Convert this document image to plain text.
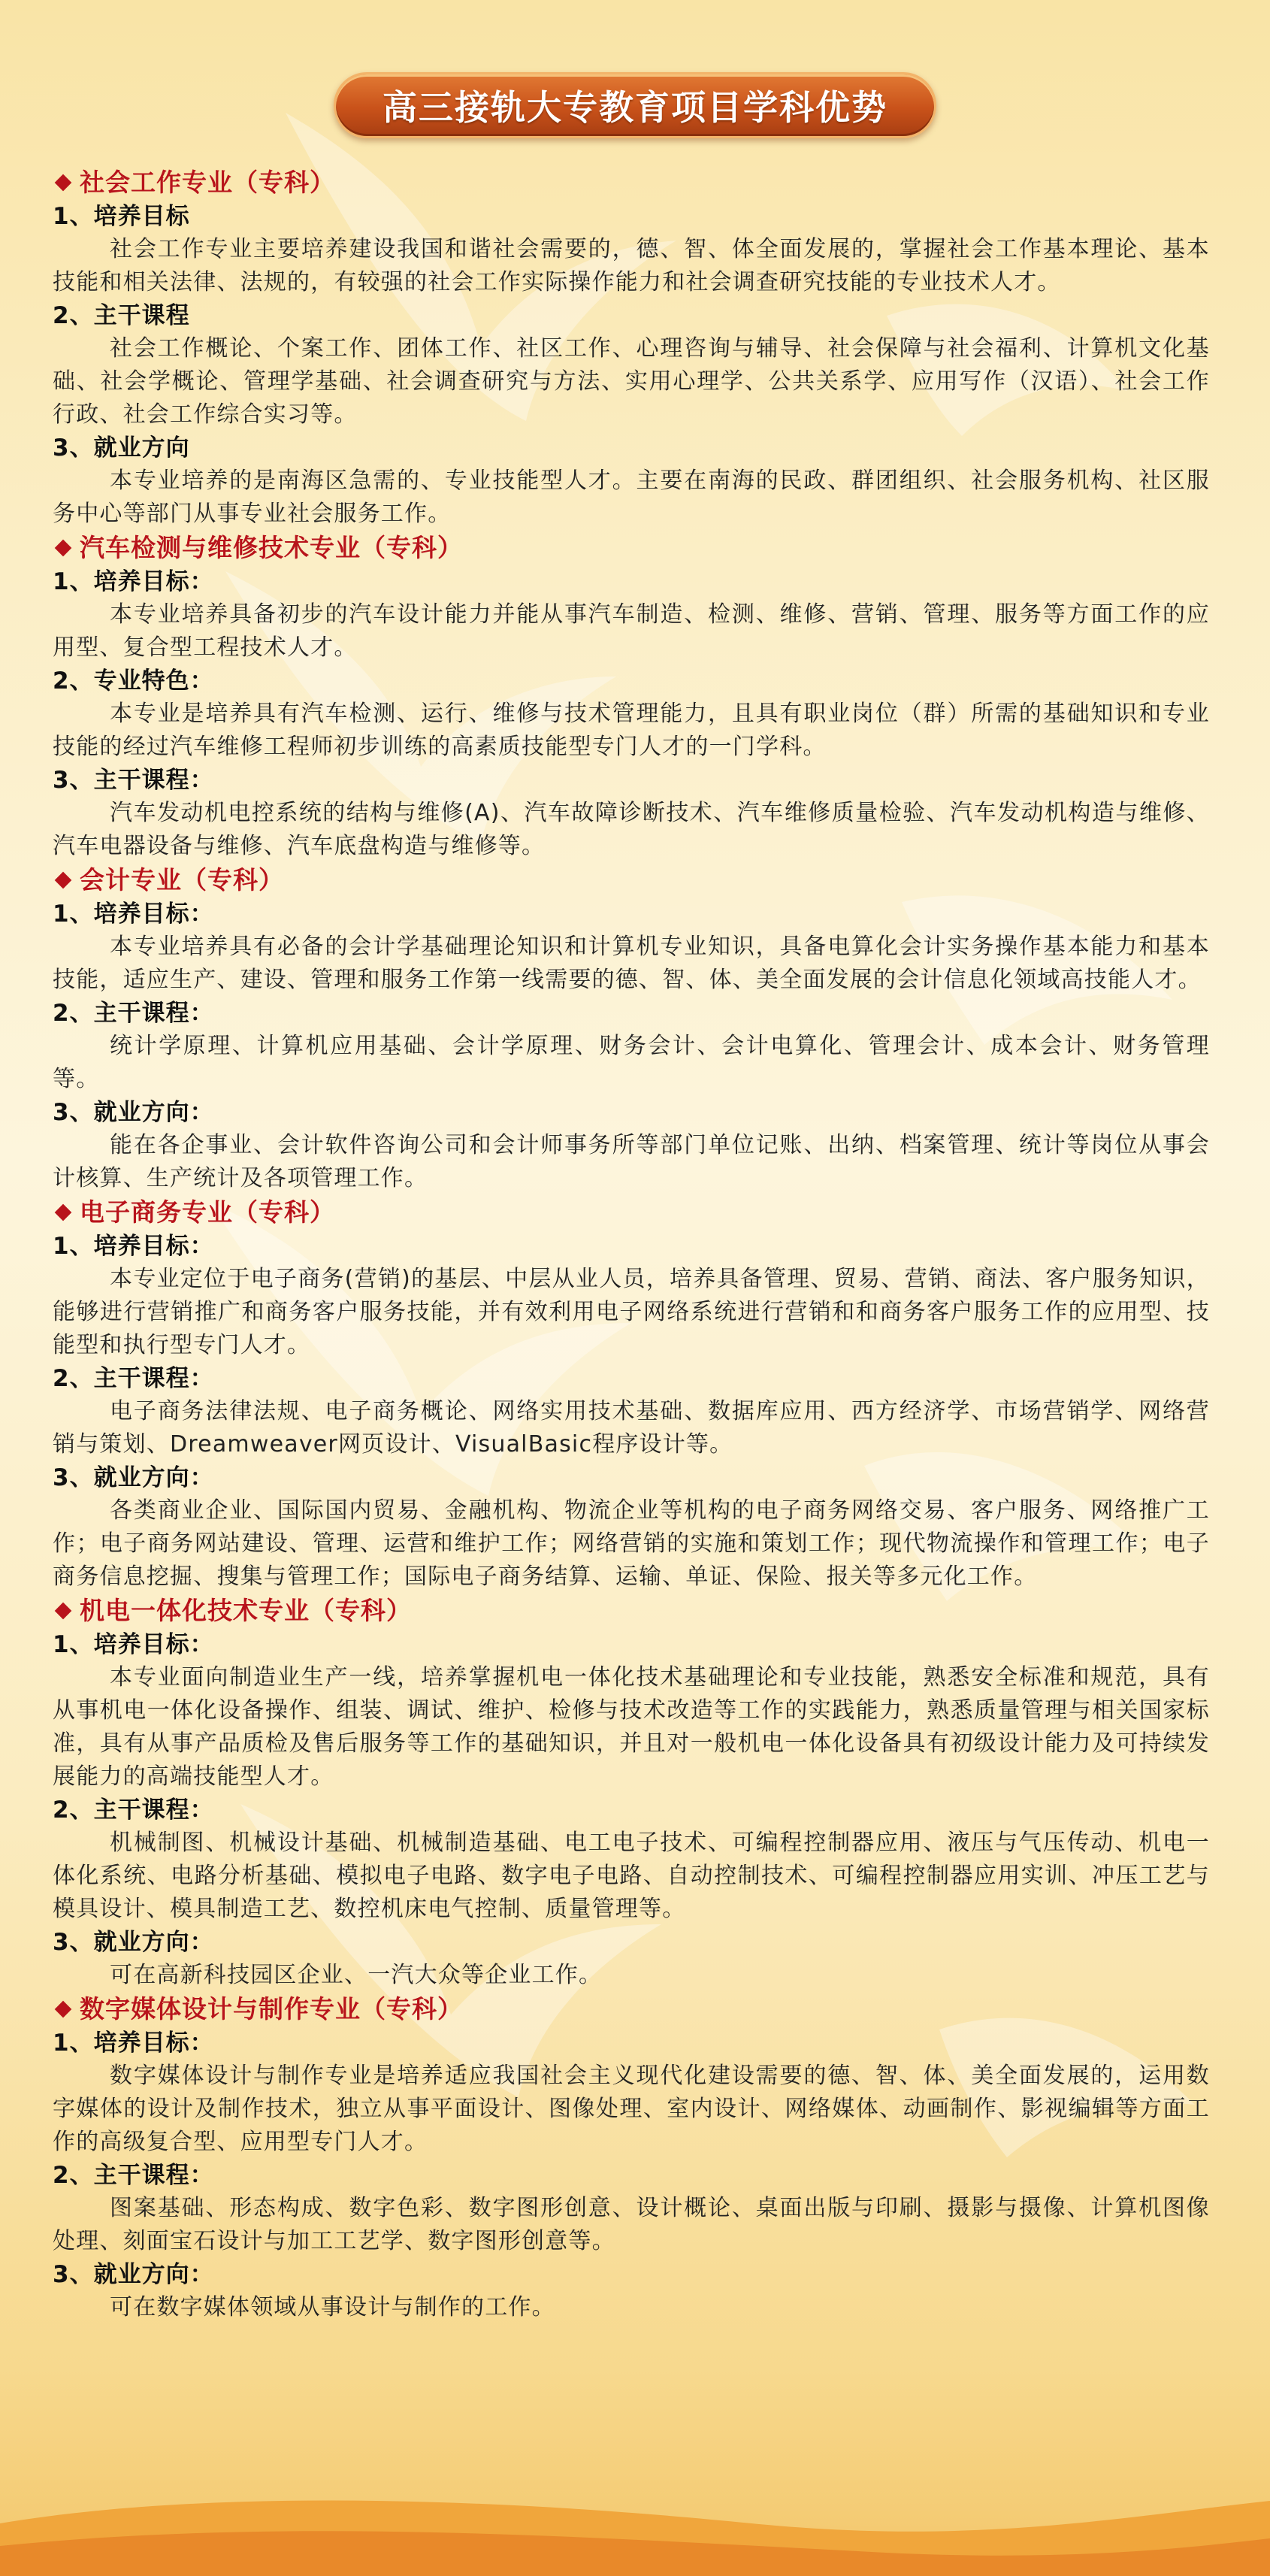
高三接轨大专教育项目学科优势
社会工作专业（专科）
1、培养目标

社会工作专业主要培养建设我国和谐社会需要的，德、智、体全面发展的，掌握社会工作基本理论、基本技能和相关法律、法规的，有较强的社会工作实际操作能力和社会调查研究技能的专业技术人才。

2、主干课程

社会工作概论、个案工作、团体工作、社区工作、心理咨询与辅导、社会保障与社会福利、计算机文化基础、社会学概论、管理学基础、社会调查研究与方法、实用心理学、公共关系学、应用写作（汉语）、社会工作行政、社会工作综合实习等。

3、就业方向

本专业培养的是南海区急需的、专业技能型人才。主要在南海的民政、群团组织、社会服务机构、社区服务中心等部门从事专业社会服务工作。

汽车检测与维修技术专业（专科）
1、培养目标：

本专业培养具备初步的汽车设计能力并能从事汽车制造、检测、维修、营销、管理、服务等方面工作的应用型、复合型工程技术人才。

2、专业特色：

本专业是培养具有汽车检测、运行、维修与技术管理能力，且具有职业岗位（群）所需的基础知识和专业技能的经过汽车维修工程师初步训练的高素质技能型专门人才的一门学科。

3、主干课程：

汽车发动机电控系统的结构与维修(A)、汽车故障诊断技术、汽车维修质量检验、汽车发动机构造与维修、汽车电器设备与维修、汽车底盘构造与维修等。

会计专业（专科）
1、培养目标：

本专业培养具有必备的会计学基础理论知识和计算机专业知识，具备电算化会计实务操作基本能力和基本技能，适应生产、建设、管理和服务工作第一线需要的德、智、体、美全面发展的会计信息化领域高技能人才。

2、主干课程：

统计学原理、计算机应用基础、会计学原理、财务会计、会计电算化、管理会计、成本会计、财务管理等。

3、就业方向：

能在各企事业、会计软件咨询公司和会计师事务所等部门单位记账、出纳、档案管理、统计等岗位从事会计核算、生产统计及各项管理工作。

电子商务专业（专科）
1、培养目标：

本专业定位于电子商务(营销)的基层、中层从业人员，培养具备管理、贸易、营销、商法、客户服务知识，能够进行营销推广和商务客户服务技能，并有效利用电子网络系统进行营销和和商务客户服务工作的应用型、技能型和执行型专门人才。

2、主干课程：

电子商务法律法规、电子商务概论、网络实用技术基础、数据库应用、西方经济学、市场营销学、网络营销与策划、Dreamweaver网页设计、VisualBasic程序设计等。

3、就业方向：

各类商业企业、国际国内贸易、金融机构、物流企业等机构的电子商务网络交易、客户服务、网络推广工作；电子商务网站建设、管理、运营和维护工作；网络营销的实施和策划工作；现代物流操作和管理工作；电子商务信息挖掘、搜集与管理工作；国际电子商务结算、运输、单证、保险、报关等多元化工作。

机电一体化技术专业（专科）
1、培养目标：

本专业面向制造业生产一线，培养掌握机电一体化技术基础理论和专业技能，熟悉安全标准和规范，具有从事机电一体化设备操作、组装、调试、维护、检修与技术改造等工作的实践能力，熟悉质量管理与相关国家标准，具有从事产品质检及售后服务等工作的基础知识，并且对一般机电一体化设备具有初级设计能力及可持续发展能力的高端技能型人才。

2、主干课程：

机械制图、机械设计基础、机械制造基础、电工电子技术、可编程控制器应用、液压与气压传动、机电一体化系统、电路分析基础、模拟电子电路、数字电子电路、自动控制技术、可编程控制器应用实训、冲压工艺与模具设计、模具制造工艺、数控机床电气控制、质量管理等。

3、就业方向：

可在高新科技园区企业、一汽大众等企业工作。

数字媒体设计与制作专业（专科）
1、培养目标：

数字媒体设计与制作专业是培养适应我国社会主义现代化建设需要的德、智、体、美全面发展的，运用数字媒体的设计及制作技术，独立从事平面设计、图像处理、室内设计、网络媒体、动画制作、影视编辑等方面工作的高级复合型、应用型专门人才。

2、主干课程：

图案基础、形态构成、数字色彩、数字图形创意、设计概论、桌面出版与印刷、摄影与摄像、计算机图像处理、刻面宝石设计与加工工艺学、数字图形创意等。

3、就业方向：

可在数字媒体领域从事设计与制作的工作。
